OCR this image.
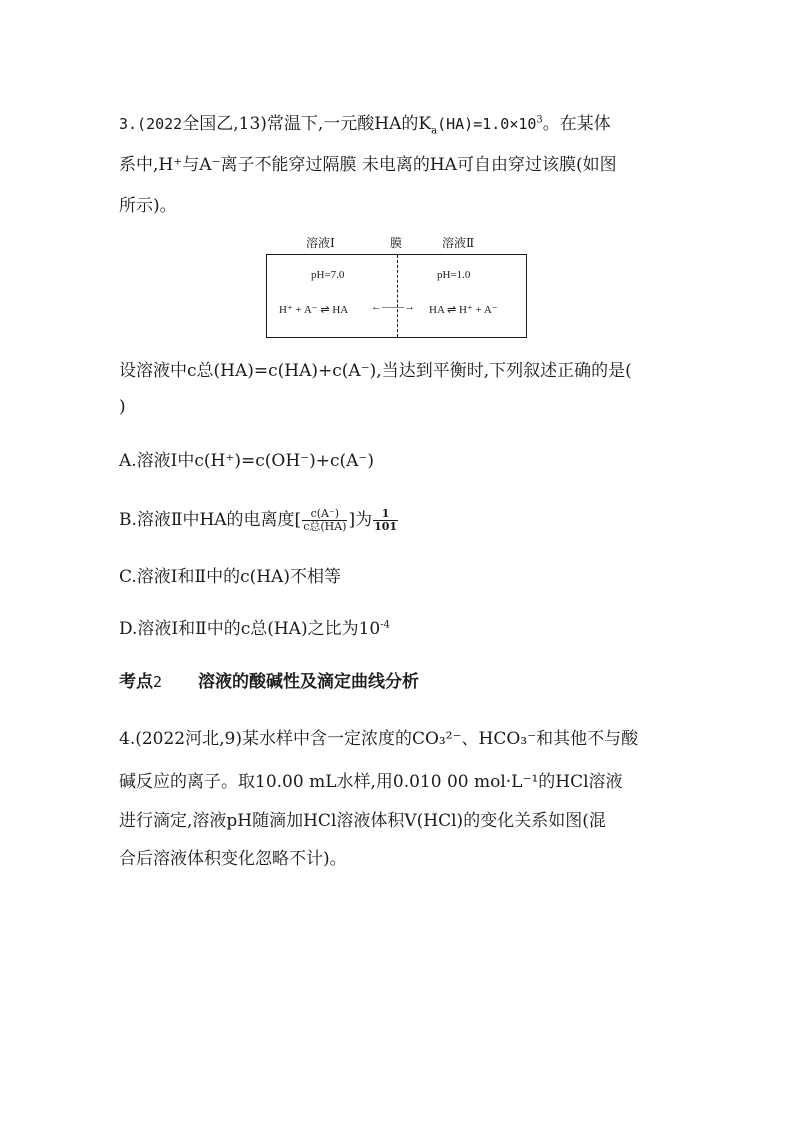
3.(2022全国乙,13)常温下,一元酸HA的$K_a(HA)=1.0\times 10^3$。在某体
系中,H⁺与A⁻离子不能穿过隔膜 未电离的HA可自由穿过该膜(如图
所示)。
溶液Ⅰ	膜	溶液Ⅱ
pH=7.0	pH=1.0
H⁺ + A⁻ ⇌ HA ←――→ HA ⇌ H⁺ + A⁻
设溶液中c总(HA)=c(HA)+c(A⁻),当达到平衡时,下列叙述正确的是(
)
A.溶液Ⅰ中c(H⁺)=c(OH⁻)+c(A⁻)
B.溶液Ⅱ中HA的电离度[ $\frac{c(A^-)}{\text{c总(HA)}}$ ]为 $\frac{1}{101}$
C.溶液Ⅰ和Ⅱ中的c(HA)不相等
D.溶液Ⅰ和Ⅱ中的c总(HA)之比为$10^{-4}$
考点2 溶液的酸碱性及滴定曲线分析
4.(2022河北,9)某水样中含一定浓度的CO₃²⁻、HCO₃⁻和其他不与酸
碱反应的离子。取10.00 mL水样,用0.010 00 mol·L⁻¹的HCl溶液
进行滴定,溶液pH随滴加HCl溶液体积V(HCl)的变化关系如图(混
合后溶液体积变化忽略不计)。
